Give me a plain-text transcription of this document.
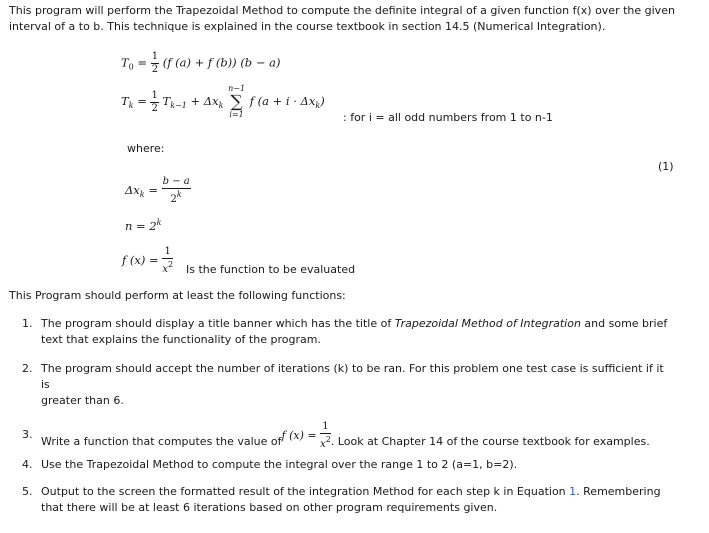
This program will perform the Trapezoidal Method to compute the definite integral of a given function f(x) over the given

interval of a to b. This technique is explained in the course textbook in section 14.5 (Numerical Integration).

$T_0 = \frac{1}{2} (f$ (a) + f (b)) (b − a)
$T_k = \frac{1}{2} T_{k-1} + \Delta x_k$
n−1
∑
i=1
f $(a + i \cdot \Delta x_k)$
: for i = all odd numbers from 1 to n-1
where:
(1)
$\Delta x_k = \frac{b - a}{2^k}$
$n = 2^k$
f $(x) = \frac{1}{x^2}$ Is the function to be evaluated
This Program should perform at least the following functions:
1. The program should display a title banner which has the title of Trapezoidal Method of Integration and some brief
text that explains the functionality of the program.
2. The program should accept the number of iterations (k) to be ran. For this problem one test case is sufficient if it is
greater than 6.
3.
Write a function that computes the value off $(x) = \frac{1}{x^2}$ . Look at Chapter 14 of the course textbook for examples.
4. Use the Trapezoidal Method to compute the integral over the range 1 to 2 (a=1, b=2).
5. Output to the screen the formatted result of the integration Method for each step k in Equation 1. Remembering
that there will be at least 6 iterations based on other program requirements given.
